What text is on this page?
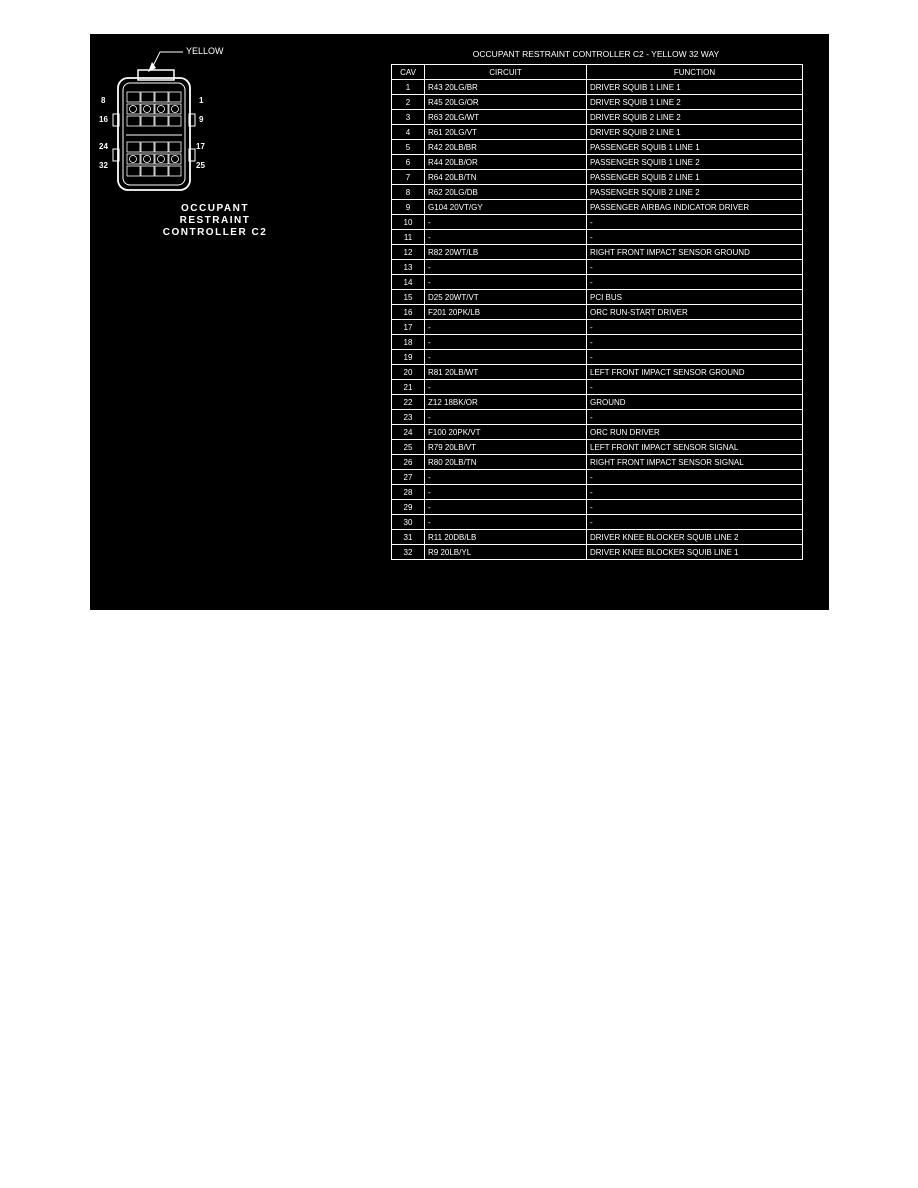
YELLOW
8
16
24
32
1
9
17
25
OCCUPANT
RESTRAINT
CONTROLLER C2
OCCUPANT RESTRAINT CONTROLLER C2 - YELLOW 32 WAY
CAV	CIRCUIT	FUNCTION
1	R43 20LG/BR	DRIVER SQUIB 1 LINE 1
2	R45 20LG/OR	DRIVER SQUIB 1 LINE 2
3	R63 20LG/WT	DRIVER SQUIB 2 LINE 2
4	R61 20LG/VT	DRIVER SQUIB 2 LINE 1
5	R42 20LB/BR	PASSENGER SQUIB 1 LINE 1
6	R44 20LB/OR	PASSENGER SQUIB 1 LINE 2
7	R64 20LB/TN	PASSENGER SQUIB 2 LINE 1
8	R62 20LG/DB	PASSENGER SQUIB 2 LINE 2
9	G104 20VT/GY	PASSENGER AIRBAG INDICATOR DRIVER
10	-	-
11	-	-
12	R82 20WT/LB	RIGHT FRONT IMPACT SENSOR GROUND
13	-	-
14	-	-
15	D25 20WT/VT	PCI BUS
16	F201 20PK/LB	ORC RUN-START DRIVER
17	-	-
18	-	-
19	-	-
20	R81 20LB/WT	LEFT FRONT IMPACT SENSOR GROUND
21	-	-
22	Z12 18BK/OR	GROUND
23	-	-
24	F100 20PK/VT	ORC RUN DRIVER
25	R79 20LB/VT	LEFT FRONT IMPACT SENSOR SIGNAL
26	R80 20LB/TN	RIGHT FRONT IMPACT SENSOR SIGNAL
27	-	-
28	-	-
29	-	-
30	-	-
31	R11 20DB/LB	DRIVER KNEE BLOCKER SQUIB LINE 2
32	R9 20LB/YL	DRIVER KNEE BLOCKER SQUIB LINE 1
